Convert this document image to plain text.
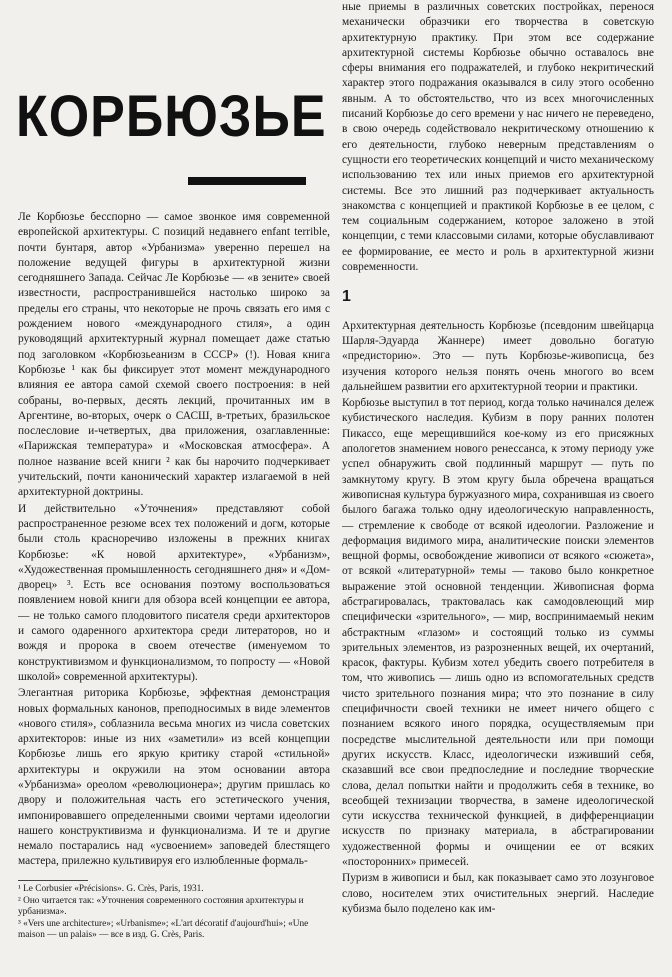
КОРБЮЗЬЕ

Ле Корбюзье бесспорно — самое звонкое имя современной европейской архитектуры. С позиций недавнего enfant terrible, почти бунтаря, автор «Урбанизма» уверенно перешел на положение ведущей фигуры в архитектурной жизни сегодняшнего Запада. Сейчас Ле Корбюзье — «в зените» своей известности, распространившейся настолько широко за пределы его страны, что некоторые не прочь связать его имя с рождением нового «международного стиля», а один руководящий архитектурный журнал помещает даже статью под заголовком «Корбюзьеанизм в СССР» (!). Новая книга Корбюзье ¹ как бы фиксирует этот момент международного влияния ее автора самой схемой своего построения: в ней собраны, во-первых, десять лекций, прочитанных им в Аргентине, во-вторых, очерк о САСШ, в-третьих, бразильское послесловие и-четвертых, два приложения, озаглавленные: «Парижская температура» и «Московская атмосфера». А полное название всей книги ² как бы нарочито подчеркивает учительский, почти канонический характер излагаемой в ней архитектурной доктрины.

И действительно «Уточнения» представляют собой распространенное резюме всех тех положений и догм, которые были столь красноречиво изложены в прежних книгах Корбюзье: «К новой архитектуре», «Урбанизм», «Художественная промышленность сегодняшнего дня» и «Дом-дворец» ³. Есть все основания поэтому воспользоваться появлением новой книги для обзора всей концепции ее автора, — не только самого плодовитого писателя среди архитекторов и самого одаренного архитектора среди литераторов, но и вождя и пророка в своем отечестве (именуемом то конструктивизмом и функционализмом, то попросту — «Новой школой» современной архитектуры).

Элегантная риторика Корбюзье, эффектная демонстрация новых формальных канонов, преподносимых в виде элементов «нового стиля», соблазнила весьма многих из числа советских архитекторов: иные из них «заметили» из всей концепции Корбюзье лишь его яркую критику старой «стильной» архитектуры и окружили на этом основании автора «Урбанизма» ореолом «революционера»; другим пришлась ко двору и положительная часть его эстетического учения, импонировавшего определенными своими чертами идеологии нашего конструктивизма и функционализма. И те и другие немало постарались над «усвоением» заповедей блестящего мастера, прилежно культивируя его излюбленные формаль-

ные приемы в различных советских постройках, перенося механически образчики его творчества в советскую архитектурную практику. При этом все содержание архитектурной системы Корбюзье обычно оставалось вне сферы внимания его подражателей, и глубоко некритический характер этого подражания оказывался в силу этого особенно явным. А то обстоятельство, что из всех многочисленных писаний Корбюзье до сего времени у нас ничего не переведено, в свою очередь содействовало некритическому отношению к его деятельности, глубоко неверным представлениям о сущности его теоретических концепций и чисто механическому использованию тех или иных приемов его архитектурной системы. Все это лишний раз подчеркивает актуальность знакомства с концепцией и практикой Корбюзье в ее целом, с тем социальным содержанием, которое заложено в этой концепции, с теми классовыми силами, которые обуславливают ее формирование, ее место и роль в архитектурной жизни современности.

1

Архитектурная деятельность Корбюзье (псевдоним швейцарца Шарля-Эдуарда Жаннере) имеет довольно богатую «предисторию». Это — путь Корбюзье-живописца, без изучения которого нельзя понять очень многого во всем дальнейшем развитии его архитектурной теории и практики.

Корбюзье выступил в тот период, когда только начинался дележ кубистического наследия. Кубизм в пору ранних полотен Пикассо, еще мерещившийся кое-кому из его присяжных апологетов знамением нового ренессанса, к этому периоду уже успел обнаружить свой подлинный маршрут — путь по замкнутому кругу. В этом кругу была обречена вращаться живописная культура буржуазного мира, сохранившая из своего былого багажа только одну идеологическую направленность, — стремление к свободе от всякой идеологии. Разложение и деформация видимого мира, аналитические поиски элементов вещной формы, освобождение живописи от всякого «сюжета», от всякой «литературной» темы — таково было конкретное выражение этой основной тенденции. Живописная форма абстрагировалась, трактовалась как самодовлеющий мир специфически «зрительного», — мир, воспринимаемый неким абстрактным «глазом» и состоящий только из суммы зрительных элементов, из разрозненных вещей, их очертаний, красок, фактуры. Кубизм хотел убедить своего потребителя в том, что живопись — лишь одно из вспомогательных средств чисто зрительного познания мира; что это познание в силу специфичности своей техники не имеет ничего общего с познанием всякого иного порядка, осуществляемым при посредстве мыслительной деятельности или при помощи других искусств. Класс, идеологически изживший себя, сказавший все свои предпоследние и последние творческие слова, делал попытки найти и продолжить себя в технике, во всеобщей технизации творчества, в замене идеологической сути искусства технической функцией, в дифференциации искусств по признаку материала, в абстрагировании художественной формы и очищении ее от всяких «посторонних» примесей.

Пуризм в живописи и был, как показывает само это лозунговое слово, носителем этих очистительных энергий. Наследие кубизма было поделено как им-

¹ Le Corbusier «Précisions». G. Crès, Paris, 1931.

² Оно читается так: «Уточнения современного состояния архитектуры и урбанизма».

³ «Vers une architecture»; «Urbanisme»; «L'art décoratif d'aujourd'hui»; «Une maison — un palais» — все в изд. G. Crès, Paris.
